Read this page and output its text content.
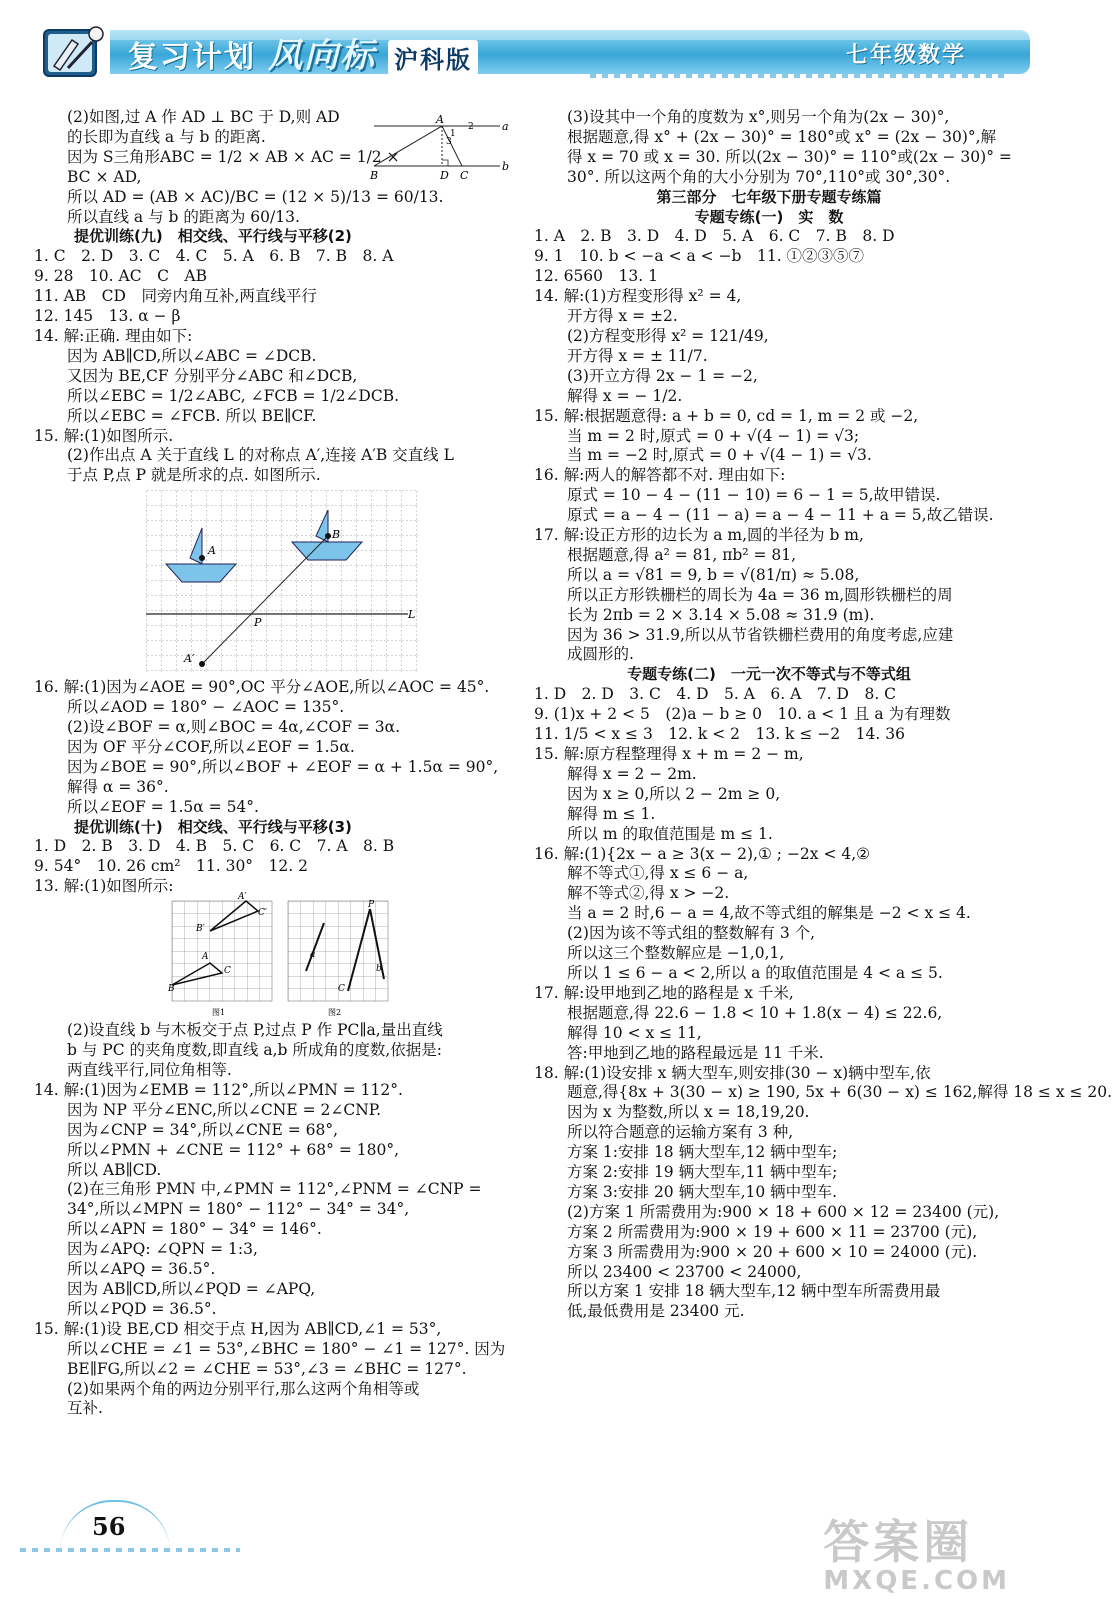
复习计划 风向标 沪科版	七年级数学
(2)如图,过 A 作 AD ⊥ BC 于 D,则 AD
的长即为直线 a 与 b 的距离.
因为 S三角形ABC = 1/2 × AB × AC = 1/2 ×
BC × AD,
所以 AD = (AB × AC)/BC = (12 × 5)/13 = 60/13.
所以直线 a 与 b 的距离为 60/13.
提优训练(九)　相交线、平行线与平移(2)
1. C　2. D　3. C　4. C　5. A　6. B　7. B　8. A
9. 28　10. AC　C　AB
11. AB　CD　同旁内角互补,两直线平行
12. 145　13. α − β
14. 解:正确. 理由如下:
因为 AB∥CD,所以∠ABC = ∠DCB.
又因为 BE,CF 分别平分∠ABC 和∠DCB,
所以∠EBC = 1/2∠ABC, ∠FCB = 1/2∠DCB.
所以∠EBC = ∠FCB. 所以 BE∥CF.
15. 解:(1)如图所示.
(2)作出点 A 关于直线 L 的对称点 A′,连接 A′B 交直线 L
于点 P,点 P 就是所求的点. 如图所示.
A
B	D C
a
b
1
2
3
A
B
A′
P
L
16. 解:(1)因为∠AOE = 90°,OC 平分∠AOE,所以∠AOC = 45°.
所以∠AOD = 180° − ∠AOC = 135°.
(2)设∠BOF = α,则∠BOC = 4α,∠COF = 3α.
因为 OF 平分∠COF,所以∠EOF = 1.5α.
因为∠BOE = 90°,所以∠BOF + ∠EOF = α + 1.5α = 90°,
解得 α = 36°.
所以∠EOF = 1.5α = 54°.
提优训练(十)　相交线、平行线与平移(3)
1. D　2. B　3. D　4. B　5. C　6. C　7. A　8. B
9. 54°　10. 26 cm²　11. 30°　12. 2
13. 解:(1)如图所示:
B
A
C
B′
A′
C′
图1
P
a
b
C
图2
(2)设直线 b 与木板交于点 P,过点 P 作 PC∥a,量出直线
b 与 PC 的夹角度数,即直线 a,b 所成角的度数,依据是:
两直线平行,同位角相等.
14. 解:(1)因为∠EMB = 112°,所以∠PMN = 112°.
因为 NP 平分∠ENC,所以∠CNE = 2∠CNP.
因为∠CNP = 34°,所以∠CNE = 68°,
所以∠PMN + ∠CNE = 112° + 68° = 180°,
所以 AB∥CD.
(2)在三角形 PMN 中,∠PMN = 112°,∠PNM = ∠CNP =
34°,所以∠MPN = 180° − 112° − 34° = 34°,
所以∠APN = 180° − 34° = 146°.
因为∠APQ: ∠QPN = 1:3,
所以∠APQ = 36.5°.
因为 AB∥CD,所以∠PQD = ∠APQ,
所以∠PQD = 36.5°.
15. 解:(1)设 BE,CD 相交于点 H,因为 AB∥CD,∠1 = 53°,
所以∠CHE = ∠1 = 53°,∠BHC = 180° − ∠1 = 127°. 因为
BE∥FG,所以∠2 = ∠CHE = 53°,∠3 = ∠BHC = 127°.
(2)如果两个角的两边分别平行,那么这两个角相等或
互补.
(3)设其中一个角的度数为 x°,则另一个角为(2x − 30)°,
根据题意,得 x° + (2x − 30)° = 180°或 x° = (2x − 30)°,解
得 x = 70 或 x = 30. 所以(2x − 30)° = 110°或(2x − 30)° =
30°. 所以这两个角的大小分别为 70°,110°或 30°,30°.
第三部分　七年级下册专题专练篇
专题专练(一)　实　数
1. A　2. B　3. D　4. D　5. A　6. C　7. B　8. D
9. 1　10. b < −a < a < −b　11. ①②③⑤⑦
12. 6560　13. 1
14. 解:(1)方程变形得 x² = 4,
开方得 x = ±2.
(2)方程变形得 x² = 121/49,
开方得 x = ± 11/7.
(3)开立方得 2x − 1 = −2,
解得 x = − 1/2.
15. 解:根据题意得: a + b = 0, cd = 1, m = 2 或 −2,
当 m = 2 时,原式 = 0 + √(4 − 1) = √3;
当 m = −2 时,原式 = 0 + √(4 − 1) = √3.
16. 解:两人的解答都不对. 理由如下:
原式 = 10 − 4 − (11 − 10) = 6 − 1 = 5,故甲错误.
原式 = a − 4 − (11 − a) = a − 4 − 11 + a = 5,故乙错误.
17. 解:设正方形的边长为 a m,圆的半径为 b m,
根据题意,得 a² = 81, πb² = 81,
所以 a = √81 = 9, b = √(81/π) ≈ 5.08,
所以正方形铁栅栏的周长为 4a = 36 m,圆形铁栅栏的周
长为 2πb = 2 × 3.14 × 5.08 ≈ 31.9 (m).
因为 36 > 31.9,所以从节省铁栅栏费用的角度考虑,应建
成圆形的.
专题专练(二)　一元一次不等式与不等式组
1. D　2. D　3. C　4. D　5. A　6. A　7. D　8. C
9. (1)x + 2 < 5　(2)a − b ≥ 0　10. a < 1 且 a 为有理数
11. 1/5 < x ≤ 3　12. k < 2　13. k ≤ −2　14. 36
15. 解:原方程整理得 x + m = 2 − m,
解得 x = 2 − 2m.
因为 x ≥ 0,所以 2 − 2m ≥ 0,
解得 m ≤ 1.
所以 m 的取值范围是 m ≤ 1.
16. 解:(1){2x − a ≥ 3(x − 2),① ; −2x < 4,②
解不等式①,得 x ≤ 6 − a,
解不等式②,得 x > −2.
当 a = 2 时,6 − a = 4,故不等式组的解集是 −2 < x ≤ 4.
(2)因为该不等式组的整数解有 3 个,
所以这三个整数解应是 −1,0,1,
所以 1 ≤ 6 − a < 2,所以 a 的取值范围是 4 < a ≤ 5.
17. 解:设甲地到乙地的路程是 x 千米,
根据题意,得 22.6 − 1.8 < 10 + 1.8(x − 4) ≤ 22.6,
解得 10 < x ≤ 11,
答:甲地到乙地的路程最远是 11 千米.
18. 解:(1)设安排 x 辆大型车,则安排(30 − x)辆中型车,依
题意,得{8x + 3(30 − x) ≥ 190, 5x + 6(30 − x) ≤ 162,解得 18 ≤ x ≤ 20.
因为 x 为整数,所以 x = 18,19,20.
所以符合题意的运输方案有 3 种,
方案 1:安排 18 辆大型车,12 辆中型车;
方案 2:安排 19 辆大型车,11 辆中型车;
方案 3:安排 20 辆大型车,10 辆中型车.
(2)方案 1 所需费用为:900 × 18 + 600 × 12 = 23400 (元),
方案 2 所需费用为:900 × 19 + 600 × 11 = 23700 (元),
方案 3 所需费用为:900 × 20 + 600 × 10 = 24000 (元).
所以 23400 < 23700 < 24000,
所以方案 1 安排 18 辆大型车,12 辆中型车所需费用最
低,最低费用是 23400 元.
56	答案圈
MXQE.COM
